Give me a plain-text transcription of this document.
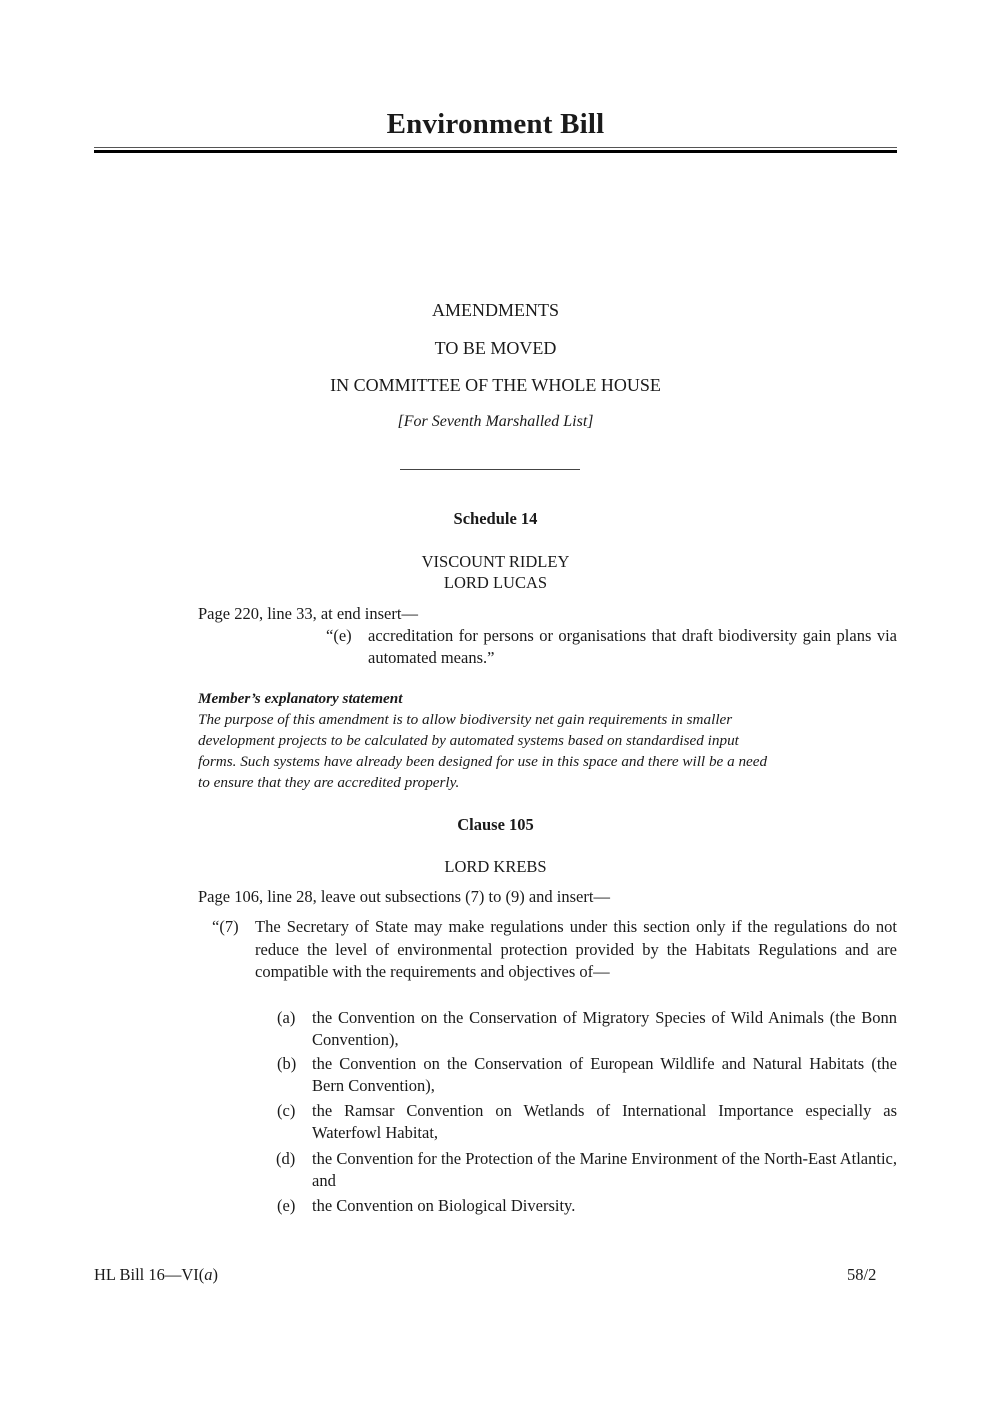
Environment Bill
AMENDMENTS
TO BE MOVED
IN COMMITTEE OF THE WHOLE HOUSE
[For Seventh Marshalled List]
Schedule 14
VISCOUNT RIDLEY
LORD LUCAS
Page 220, line 33, at end insert—
“(e) accreditation for persons or organisations that draft biodiversity gain plans via automated means.”
Member’s explanatory statement
The purpose of this amendment is to allow biodiversity net gain requirements in smaller
development projects to be calculated by automated systems based on standardised input
forms. Such systems have already been designed for use in this space and there will be a need
to ensure that they are accredited properly.
Clause 105
LORD KREBS
Page 106, line 28, leave out subsections (7) to (9) and insert—
“(7) The Secretary of State may make regulations under this section only if the regulations do not reduce the level of environmental protection provided by the Habitats Regulations and are compatible with the requirements and objectives of—
(a) the Convention on the Conservation of Migratory Species of Wild Animals (the Bonn Convention),
(b) the Convention on the Conservation of European Wildlife and Natural Habitats (the Bern Convention),
(c) the Ramsar Convention on Wetlands of International Importance especially as Waterfowl Habitat,
(d) the Convention for the Protection of the Marine Environment of the North-East Atlantic, and
(e) the Convention on Biological Diversity.
HL Bill 16—VI(a)	58/2
